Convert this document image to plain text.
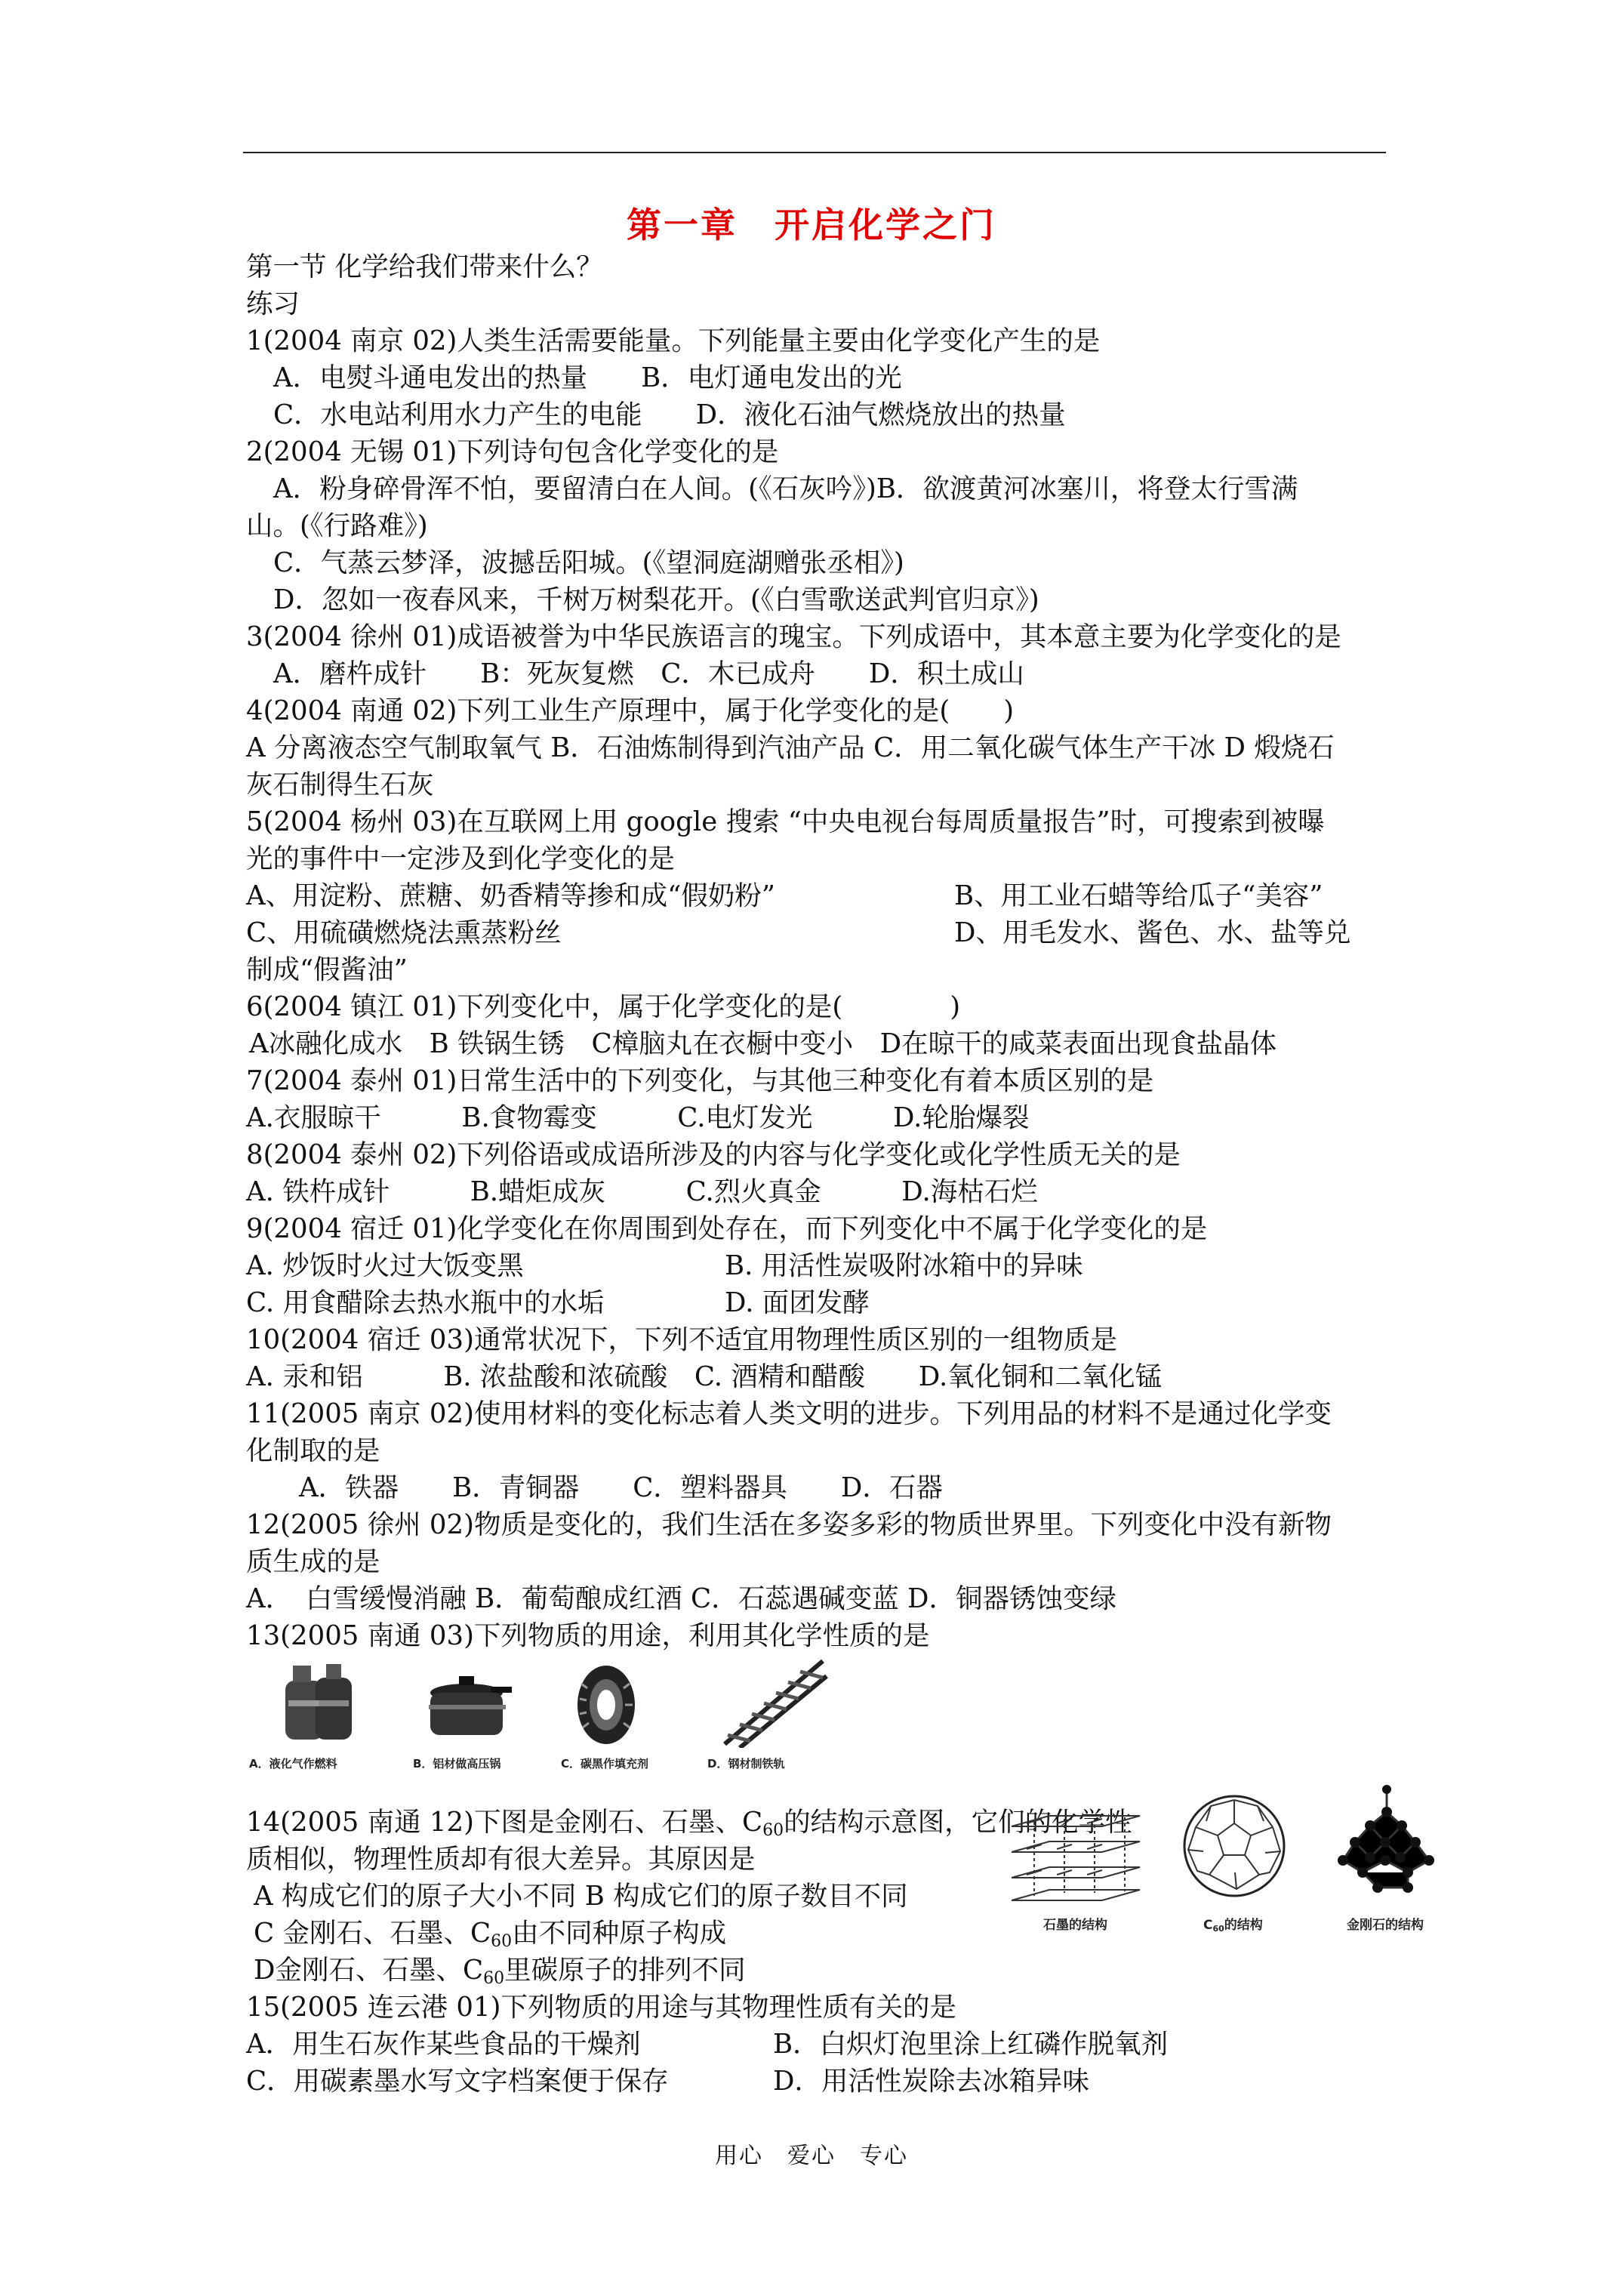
第一章　开启化学之门
第一节 化学给我们带来什么？
练习
1(2004 南京 02)人类生活需要能量。下列能量主要由化学变化产生的是
A．电熨斗通电发出的热量　　B．电灯通电发出的光
C．水电站利用水力产生的电能　　D．液化石油气燃烧放出的热量
2(2004 无锡 01)下列诗句包含化学变化的是
A．粉身碎骨浑不怕，要留清白在人间。(《石灰吟》)B．欲渡黄河冰塞川，将登太行雪满
山。(《行路难》)
C．气蒸云梦泽，波撼岳阳城。(《望洞庭湖赠张丞相》)
D．忽如一夜春风来，千树万树梨花开。(《白雪歌送武判官归京》)
3(2004 徐州 01)成语被誉为中华民族语言的瑰宝。下列成语中，其本意主要为化学变化的是
A．磨杵成针　　B：死灰复燃　C．木已成舟　　D．积土成山
4(2004 南通 02)下列工业生产原理中，属于化学变化的是(　　)
A 分离液态空气制取氧气 B．石油炼制得到汽油产品 C．用二氧化碳气体生产干冰 D 煅烧石
灰石制得生石灰
5(2004 杨州 03)在互联网上用 google 搜索 “中央电视台每周质量报告”时，可搜索到被曝
光的事件中一定涉及到化学变化的是
A、用淀粉、蔗糖、奶香精等掺和成“假奶粉”	B、用工业石蜡等给瓜子“美容”
C、用硫磺燃烧法熏蒸粉丝	D、用毛发水、酱色、水、盐等兑
制成“假酱油”
6(2004 镇江 01)下列变化中，属于化学变化的是(　　　　)
A冰融化成水　B 铁锅生锈　C樟脑丸在衣橱中变小　D在晾干的咸菜表面出现食盐晶体
7(2004 泰州 01)日常生活中的下列变化，与其他三种变化有着本质区别的是
A.衣服晾干　　　B.食物霉变　　　C.电灯发光　　　D.轮胎爆裂
8(2004 泰州 02)下列俗语或成语所涉及的内容与化学变化或化学性质无关的是
A. 铁杵成针　　　B.蜡炬成灰　　　C.烈火真金　　　D.海枯石烂
9(2004 宿迁 01)化学变化在你周围到处存在，而下列变化中不属于化学变化的是
A. 炒饭时火过大饭变黑	B. 用活性炭吸附冰箱中的异味
C. 用食醋除去热水瓶中的水垢	D. 面团发酵
10(2004 宿迁 03)通常状况下，下列不适宜用物理性质区别的一组物质是
A. 汞和铝　　　B. 浓盐酸和浓硫酸　C. 酒精和醋酸　　D.氧化铜和二氧化锰
11(2005 南京 02)使用材料的变化标志着人类文明的进步。下列用品的材料不是通过化学变
化制取的是
A．铁器　　B．青铜器　　C．塑料器具　　D．石器
12(2005 徐州 02)物质是变化的，我们生活在多姿多彩的物质世界里。下列变化中没有新物
质生成的是
A．　白雪缓慢消融 B．葡萄酿成红酒 C．石蕊遇碱变蓝 D．铜器锈蚀变绿
13(2005 南通 03)下列物质的用途，利用其化学性质的是
A．液化气作燃料	B．铝材做高压锅	C．碳黑作填充剂	D．钢材制铁轨
14(2005 南通 12)下图是金刚石、石墨、$C_{60}$的结构示意图，它们的化学性
质相似，物理性质却有很大差异。其原因是
A 构成它们的原子大小不同 B 构成它们的原子数目不同
C 金刚石、石墨、$C_{60}$由不同种原子构成
D金刚石、石墨、$C_{60}$里碳原子的排列不同
石墨的结构	$C_{60}$的结构	金刚石的结构
15(2005 连云港 01)下列物质的用途与其物理性质有关的是
A．用生石灰作某些食品的干燥剂	B．白炽灯泡里涂上红磷作脱氧剂
C．用碳素墨水写文字档案便于保存	D．用活性炭除去冰箱异味
用心　爱心　专心
